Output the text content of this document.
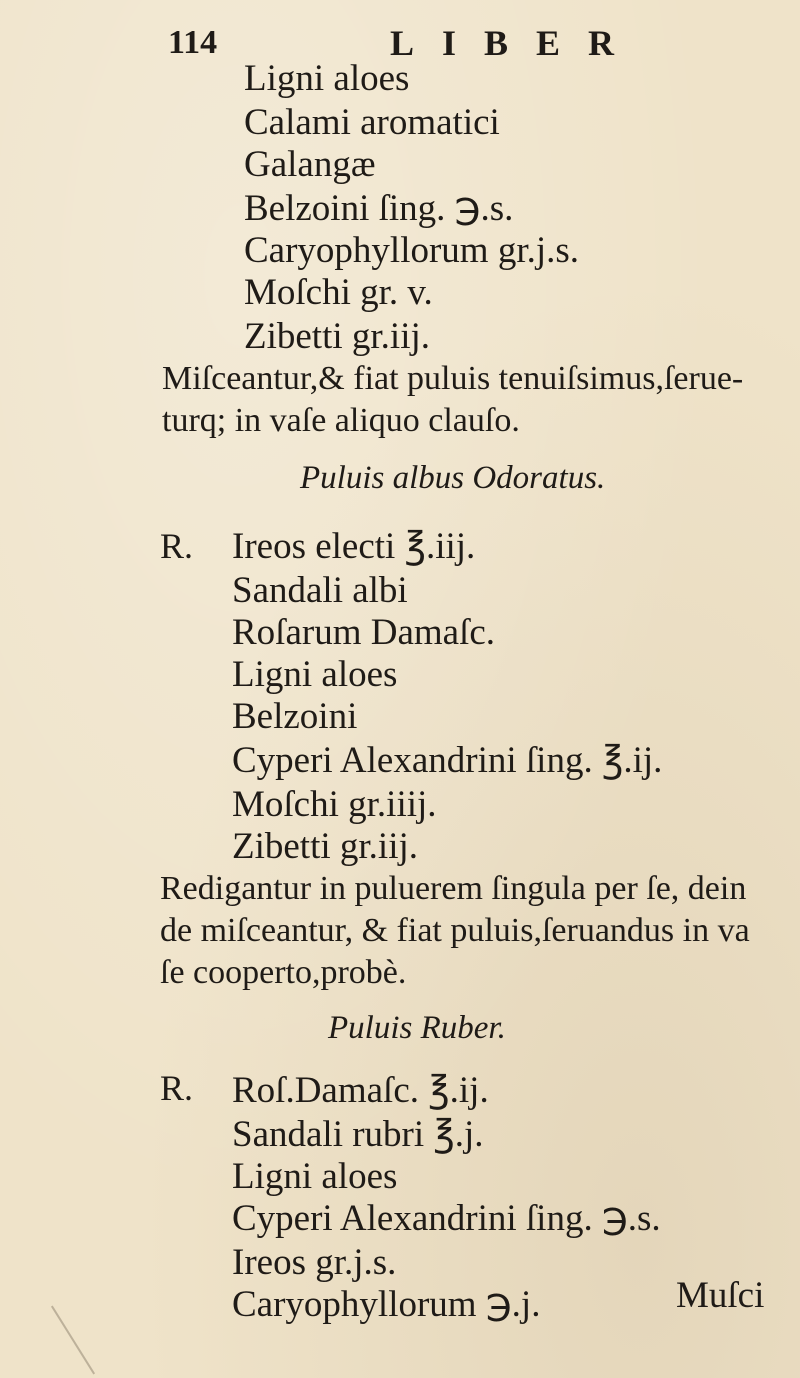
114	LIBER
Ligni aloes
Calami aromatici
Galangæ
Belzoini ſing. ℈.s.
Caryophyllorum gr.j.s.
Moſchi gr. v.
Zibetti gr.iij.
Miſceantur,& fiat puluis tenuiſsimus,ſerue-
turq; in vaſe aliquo clauſo.
Puluis albus Odoratus.
R. Ireos electi ℥.iij.
Sandali albi
Roſarum Damaſc.
Ligni aloes
Belzoini
Cyperi Alexandrini ſing. ℥.ij.
Moſchi gr.iiij.
Zibetti gr.iij.
Redigantur in puluerem ſingula per ſe, dein
de miſceantur, & fiat puluis,ſeruandus in va
ſe cooperto,probè.
Puluis Ruber.
R. Roſ.Damaſc. ℥.ij.
Sandali rubri ℥.j.
Ligni aloes
Cyperi Alexandrini ſing. ℈.s.
Ireos gr.j.s.
Caryophyllorum ℈.j.	Muſci
